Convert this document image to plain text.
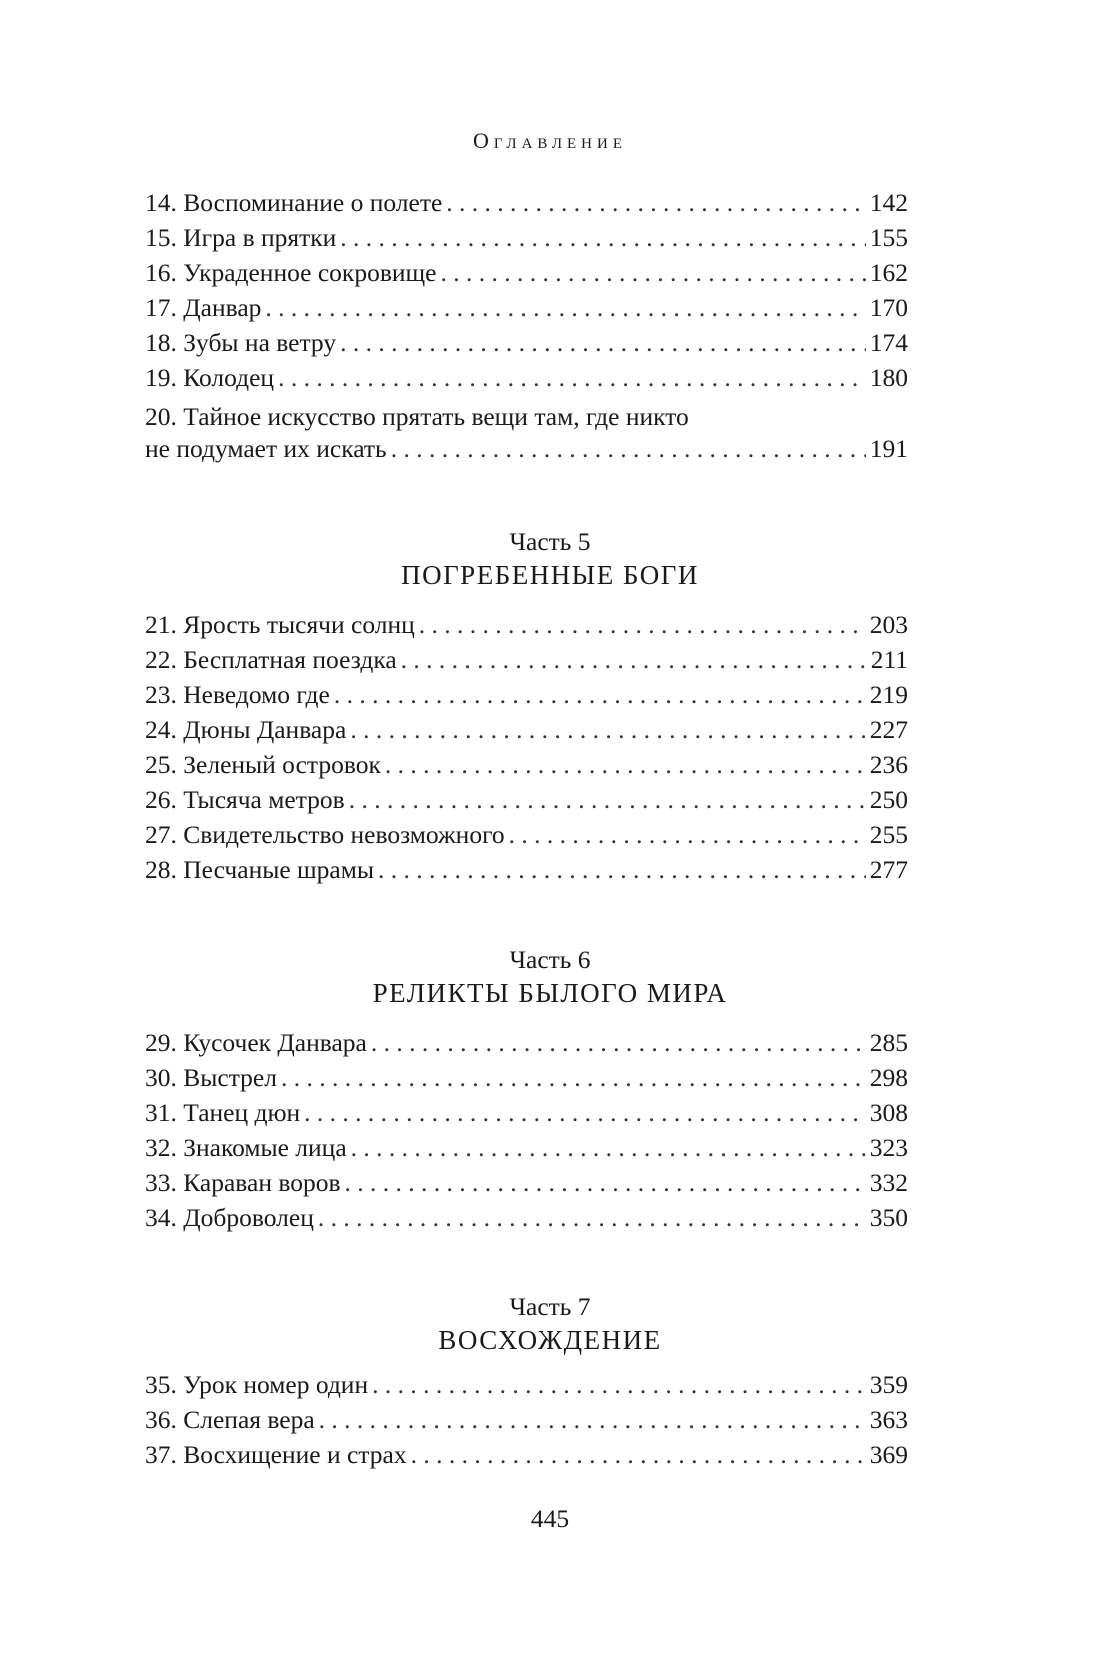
Оглавление
14. Воспоминание о полете . . .	142
15. Игра в прятки . . .	155
16. Украденное сокровище . . .	162
17. Данвар . . .	170
18. Зубы на ветру . . .	174
19. Колодец . . .	180
20. Тайное искусство прятать вещи там, где никто
не подумает их искать . . .	191
Часть 5
ПОГРЕБЕННЫЕ БОГИ
21. Ярость тысячи солнц . . .	203
22. Бесплатная поездка . . .	211
23. Неведомо где . . .	219
24. Дюны Данвара . . .	227
25. Зеленый островок . . .	236
26. Тысяча метров . . .	250
27. Свидетельство невозможного . . .	255
28. Песчаные шрамы . . .	277
Часть 6
РЕЛИКТЫ БЫЛОГО МИРА
29. Кусочек Данвара . . .	285
30. Выстрел . . .	298
31. Танец дюн . . .	308
32. Знакомые лица . . .	323
33. Караван воров . . .	332
34. Доброволец . . .	350
Часть 7
ВОСХОЖДЕНИЕ
35. Урок номер один . . .	359
36. Слепая вера . . .	363
37. Восхищение и страх . . .	369
445
